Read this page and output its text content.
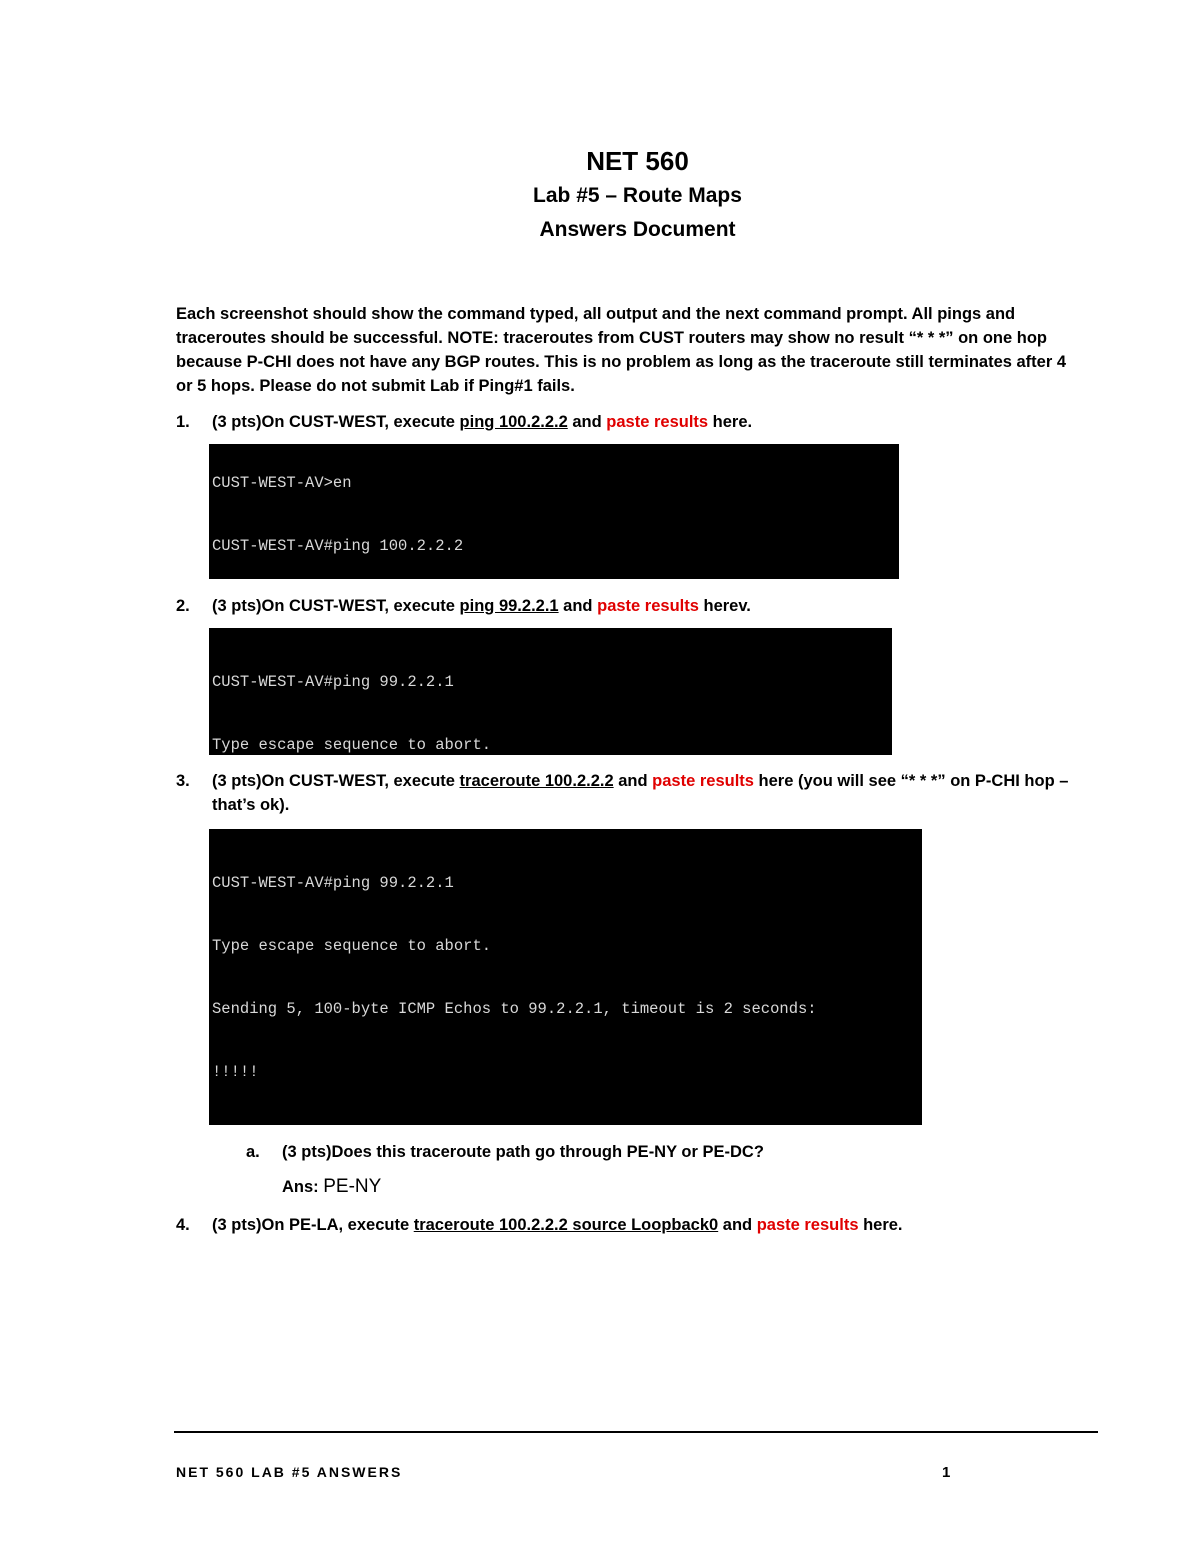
NET 560
Lab #5 – Route Maps
Answers Document
Each screenshot should show the command typed, all output and the next command prompt. All pings and traceroutes should be successful. NOTE: traceroutes from CUST routers may show no result “* * *” on one hop because P-CHI does not have any BGP routes. This is no problem as long as the traceroute still terminates after 4 or 5 hops. Please do not submit Lab if Ping#1 fails.
1. (3 pts)On CUST-WEST, execute ping 100.2.2.2 and paste results here.

CUST-WEST-AV>en

CUST-WEST-AV#ping 100.2.2.2

2. (3 pts)On CUST-WEST, execute ping 99.2.2.1 and paste results herev.

CUST-WEST-AV#ping 99.2.2.1

Type escape sequence to abort.

3. (3 pts)On CUST-WEST, execute traceroute 100.2.2.2 and paste results here (you will see “* * *” on P-CHI hop – that’s ok).

CUST-WEST-AV#ping 99.2.2.1

Type escape sequence to abort.

Sending 5, 100-byte ICMP Echos to 99.2.2.1, timeout is 2 seconds:

!!!!!

a. (3 pts)Does this traceroute path go through PE-NY or PE-DC?
Ans: PE-NY
4. (3 pts)On PE-LA, execute traceroute 100.2.2.2 source Loopback0 and paste results here.
NET 560 LAB #5 ANSWERS	1
